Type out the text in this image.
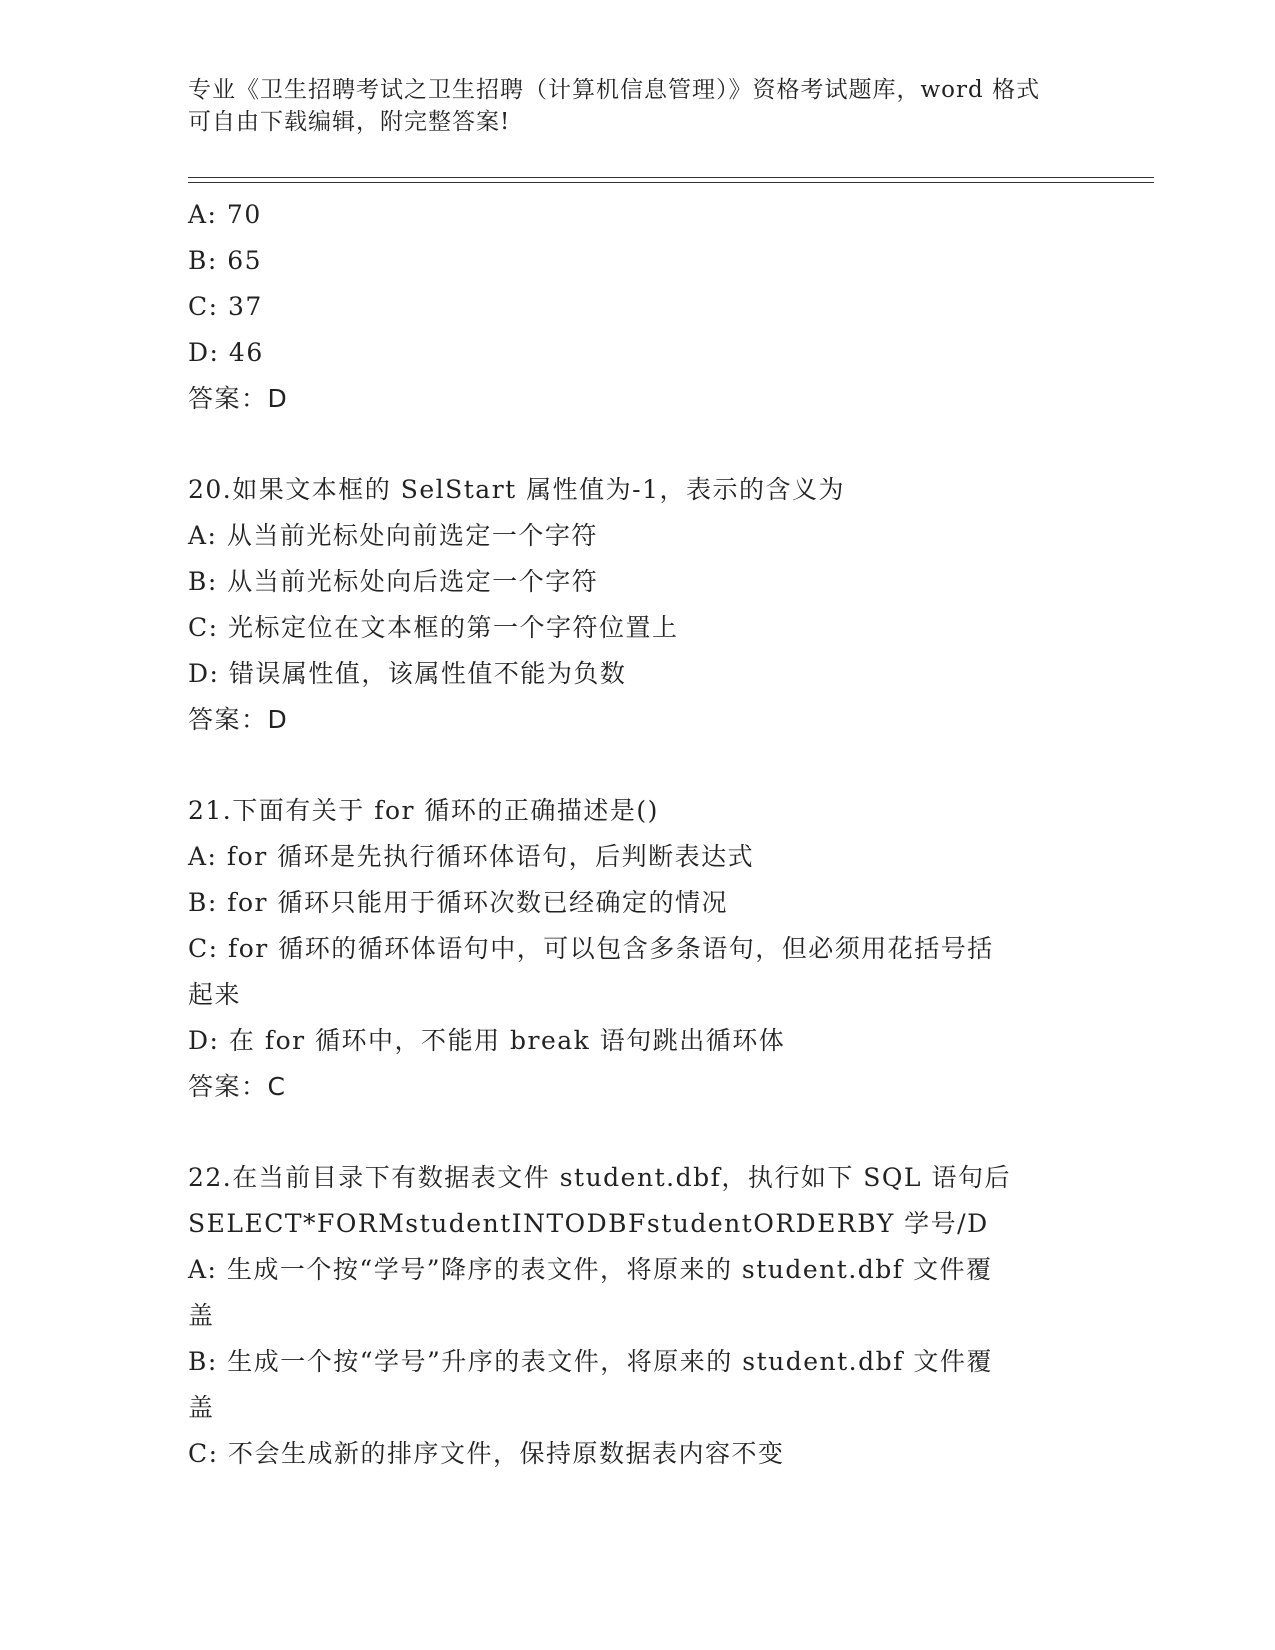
专业《卫生招聘考试之卫生招聘（计算机信息管理）》资格考试题库，word 格式
可自由下载编辑，附完整答案!
A: 70
B: 65
C: 37
D: 46
答案：D
20.如果文本框的 SelStart 属性值为-1，表示的含义为
A: 从当前光标处向前选定一个字符
B: 从当前光标处向后选定一个字符
C: 光标定位在文本框的第一个字符位置上
D: 错误属性值，该属性值不能为负数
答案：D
21.下面有关于 for 循环的正确描述是()
A: for 循环是先执行循环体语句，后判断表达式
B: for 循环只能用于循环次数已经确定的情况
C: for 循环的循环体语句中，可以包含多条语句，但必须用花括号括
起来
D: 在 for 循环中，不能用 break 语句跳出循环体
答案：C
22.在当前目录下有数据表文件 student.dbf，执行如下 SQL 语句后
SELECT*FORMstudentINTODBFstudentORDERBY 学号/D
A: 生成一个按“学号”降序的表文件，将原来的 student.dbf 文件覆
盖
B: 生成一个按“学号”升序的表文件，将原来的 student.dbf 文件覆
盖
C: 不会生成新的排序文件，保持原数据表内容不变
